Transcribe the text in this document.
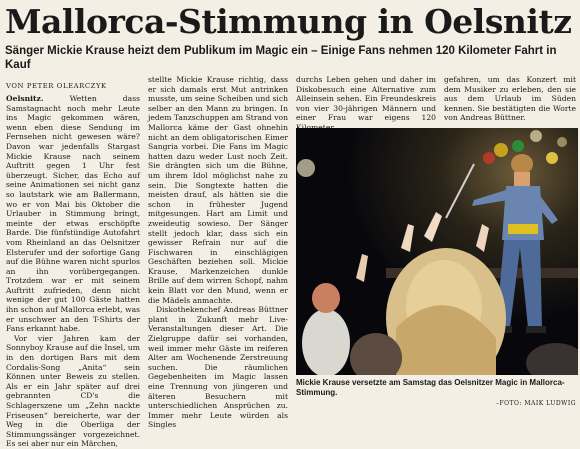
Mallorca-Stimmung in Oelsnitz
Sänger Mickie Krause heizt dem Publikum im Magic ein – Einige Fans nehmen 120 Kilometer Fahrt in Kauf
VON PETER OLEARCZYK

Oelsnitz.	Wetten dass Samstagnacht noch mehr Leute ins Magic gekommen wären, wenn eben diese Sendung im Fernsehen nicht gewesen wäre? Davon war jedenfalls Stargast Mickie Krause nach seinem Auftritt gegen 1 Uhr fest überzeugt. Sicher, das Echo auf seine Animationen sei nicht ganz so lautstark wie am Ballermann, wo er von Mai bis Oktober die Urlauber in Stimmung bringt, meinte der etwas erschöpfte Barde. Die fünfstündige Autofahrt vom Rheinland an das Oelsnitzer Elsterufer und der sofortige Gang auf die Bühne waren nicht spurlos an ihn vorübergegangen. Trotzdem war er mit seinem Auftritt zufrieden, denn nicht wenige der gut 100 Gäste hatten ihn schon auf Mallorca erlebt, was er unschwer an den T-Shirts der Fans erkannt habe.

Vor vier Jahren kam der Sonnyboy Krause auf die Insel, um in den dortigen Bars mit dem Cordalis-Song „Anita“ sein Können unter Beweis zu stellen. Als er ein Jahr später auf drei gebrannten CD's die Schlagerszene um „Zehn nackte Friseusen“ bereicherte, war der Weg in die Oberliga der Stimmungssänger vorgezeichnet. Es sei aber nur ein Märchen,

stellte Mickie Krause richtig, dass er sich damals erst Mut antrinken musste, um seine Scheiben und sich selber an den Mann zu bringen. In jedem Tanzschuppen am Strand von Mallorca käme der Gast ohnehin nicht an dem obligatorischen Eimer Sangria vorbei. Die Fans im Magic hatten dazu weder Lust noch Zeit. Sie drängten sich um die Bühne, um ihrem Idol möglichst nahe zu sein. Die Songtexte hatten die meisten drauf, als hätten sie die schon in frühester Jugend mitgesungen. Hart am Limit und zweideutig sowieso. Der Sänger stellt jedoch klar, dass sich ein gewisser Refrain nur auf die Fischwaren in einschlägigen Geschäften beziehen soll. Mickie Krause, Markenzeichen dunkle Brille auf dem wirren Schopf, nahm kein Blatt vor den Mund, wenn er die Mädels anmachte.

Diskothekenchef Andreas Büttner plant in Zukunft mehr Live-Veranstaltungen dieser Art. Die Zielgruppe dafür sei vorhanden, weil immer mehr Gäste im reiferen Alter am Wochenende Zerstreuung suchen. Die räumlichen Gegebenheiten im Magic lassen eine Trennung von jüngeren und älteren Besuchern mit unterschiedlichen Ansprüchen zu. Immer mehr Leute würden als Singles

durchs Leben gehen und daher im Diskobesuch eine Alternative zum Alleinsein sehen. Ein Freundeskreis von vier 30-jährigen Männern und einer Frau war eigens 120

gefahren, um das Konzert mit dem Musiker zu erleben, den sie aus dem Urlaub im Süden kennen. Sie bestätigten die Worte von Andreas Büttner.

Mickie Krause versetzte am Samstag das Oelsnitzer Magic in Mallorca-Stimmung.

–FOTO: MAIK LUDWIG
